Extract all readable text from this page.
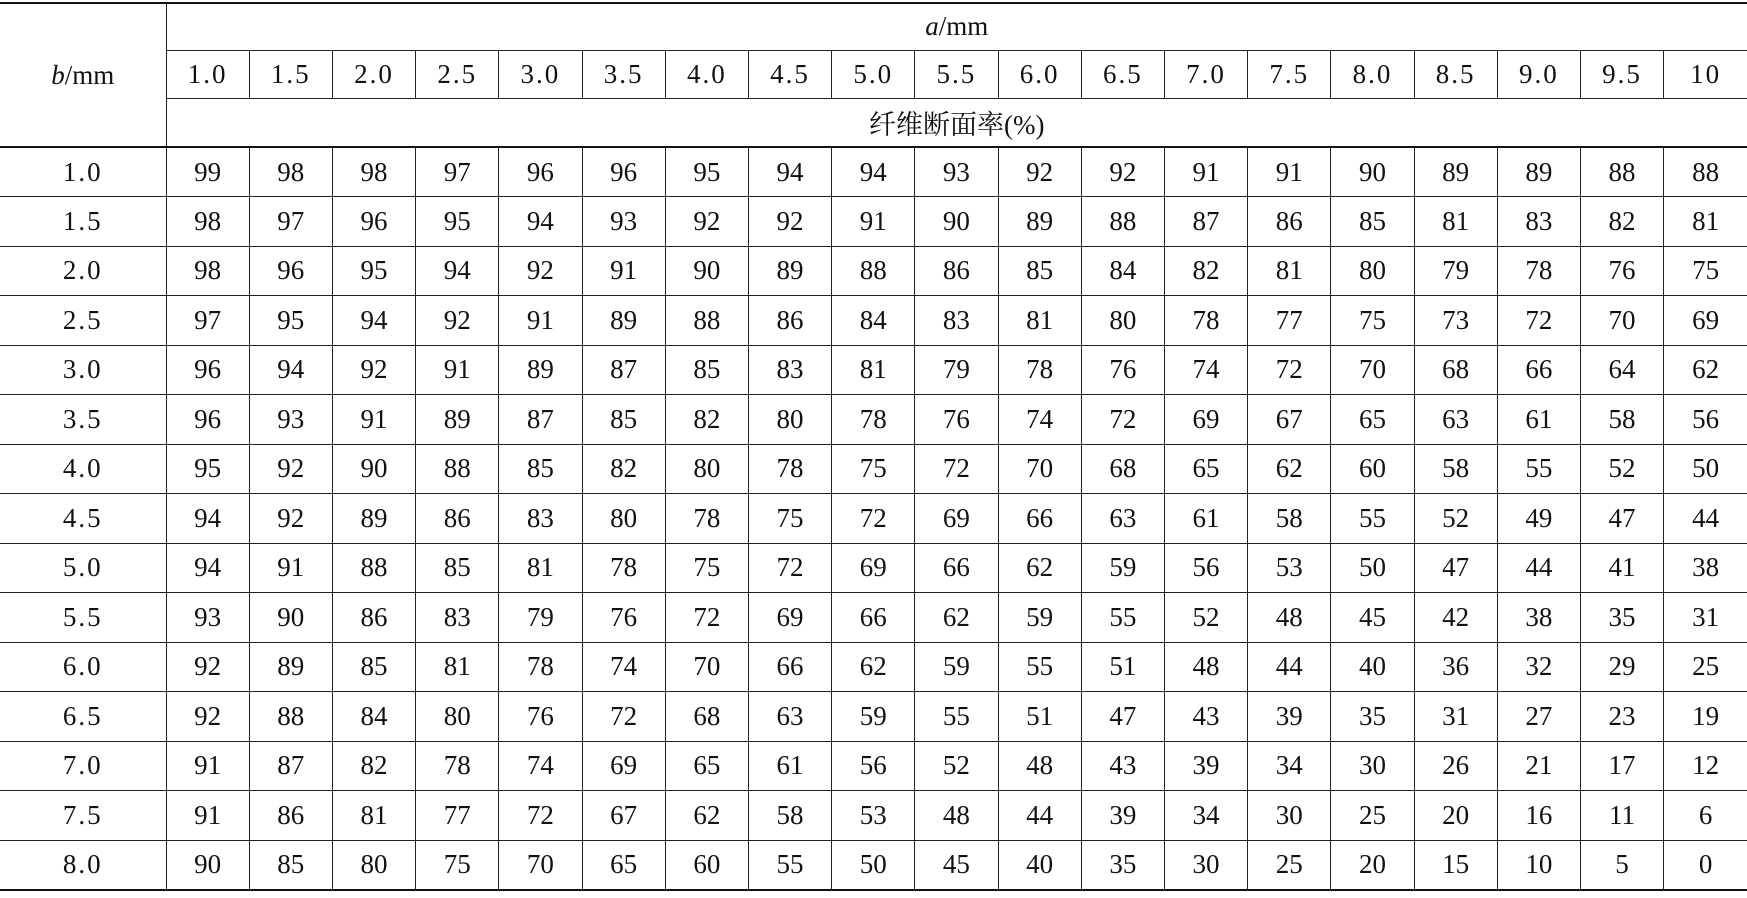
b/mm	a/mm																		
	1.0	1.5	2.0	2.5	3.0	3.5	4.0	4.5	5.0	5.5	6.0	6.5	7.0	7.5	8.0	8.5	9.0	9.5	10
	纤维断面率(%)																		
1.0	99	98	98	97	96	96	95	94	94	93	92	92	91	91	90	89	89	88	88
1.5	98	97	96	95	94	93	92	92	91	90	89	88	87	86	85	81	83	82	81
2.0	98	96	95	94	92	91	90	89	88	86	85	84	82	81	80	79	78	76	75
2.5	97	95	94	92	91	89	88	86	84	83	81	80	78	77	75	73	72	70	69
3.0	96	94	92	91	89	87	85	83	81	79	78	76	74	72	70	68	66	64	62
3.5	96	93	91	89	87	85	82	80	78	76	74	72	69	67	65	63	61	58	56
4.0	95	92	90	88	85	82	80	78	75	72	70	68	65	62	60	58	55	52	50
4.5	94	92	89	86	83	80	78	75	72	69	66	63	61	58	55	52	49	47	44
5.0	94	91	88	85	81	78	75	72	69	66	62	59	56	53	50	47	44	41	38
5.5	93	90	86	83	79	76	72	69	66	62	59	55	52	48	45	42	38	35	31
6.0	92	89	85	81	78	74	70	66	62	59	55	51	48	44	40	36	32	29	25
6.5	92	88	84	80	76	72	68	63	59	55	51	47	43	39	35	31	27	23	19
7.0	91	87	82	78	74	69	65	61	56	52	48	43	39	34	30	26	21	17	12
7.5	91	86	81	77	72	67	62	58	53	48	44	39	34	30	25	20	16	11	6
8.0	90	85	80	75	70	65	60	55	50	45	40	35	30	25	20	15	10	5	0
